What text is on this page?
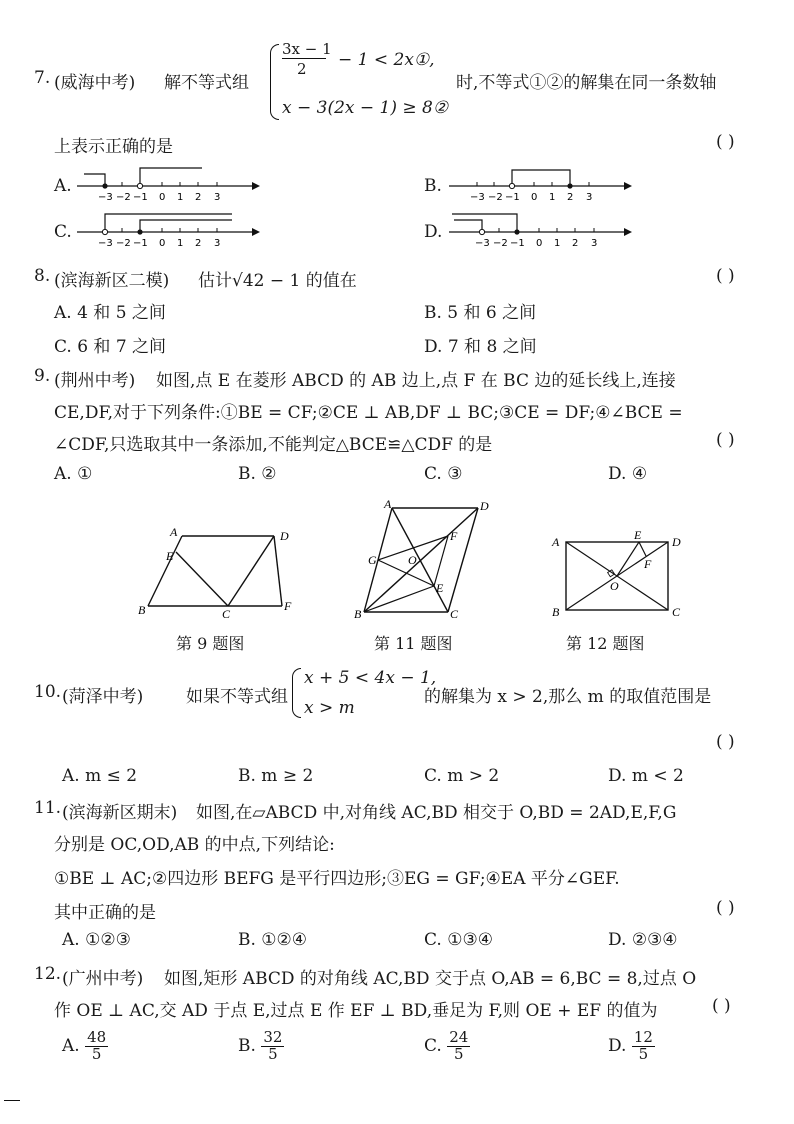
7. (威海中考) 解不等式组
3x − 1
2 − 1 < 2x①,
x − 3(2x − 1) ≥ 8②
时,不等式①②的解集在同一条数轴
上表示正确的是	( )
A.
−3 −2 −1 0 1 2 3
B.
−3 −2 −1 0 1 2 3
C.
−3 −2 −1 0 1 2 3
D.
−3 −2 −1 0 1 2 3
8. (滨海新区二模) 估计√42 − 1 的值在	( )
A. 4 和 5 之间	B. 5 和 6 之间
C. 6 和 7 之间	D. 7 和 8 之间
9. (荆州中考) 如图,点 E 在菱形 ABCD 的 AB 边上,点 F 在 BC 边的延长线上,连接
CE,DF,对于下列条件:①BE = CF;②CE ⊥ AB,DF ⊥ BC;③CE = DF;④∠BCE =
∠CDF,只选取其中一条添加,不能判定△BCE≌△CDF 的是	( )
A. ①	B. ②	C. ③	D. ④
A	D
E
B	C
F
第 9 题图
A	D
G	O
F
E
B	C
第 11 题图
A	E	D
F
O
B	C
第 12 题图
10. (菏泽中考)	如果不等式组
x + 5 < 4x − 1,
x > m
的解集为 x > 2,那么 m 的取值范围是
( )
A. m ≤ 2	B. m ≥ 2	C. m > 2	D. m < 2
11. (滨海新区期末) 如图,在▱ABCD 中,对角线 AC,BD 相交于 O,BD = 2AD,E,F,G
分别是 OC,OD,AB 的中点,下列结论:
①BE ⊥ AC;②四边形 BEFG 是平行四边形;③EG = GF;④EA 平分∠GEF.
其中正确的是	( )
A. ①②③	B. ①②④	C. ①③④	D. ②③④
12. (广州中考) 如图,矩形 ABCD 的对角线 AC,BD 交于点 O,AB = 6,BC = 8,过点 O
作 OE ⊥ AC,交 AD 于点 E,过点 E 作 EF ⊥ BD,垂足为 F,则 OE + EF 的值为	( )
A. $\frac{48}{5}$	B. $\frac{32}{5}$	C. $\frac{24}{5}$	D. $\frac{12}{5}$
